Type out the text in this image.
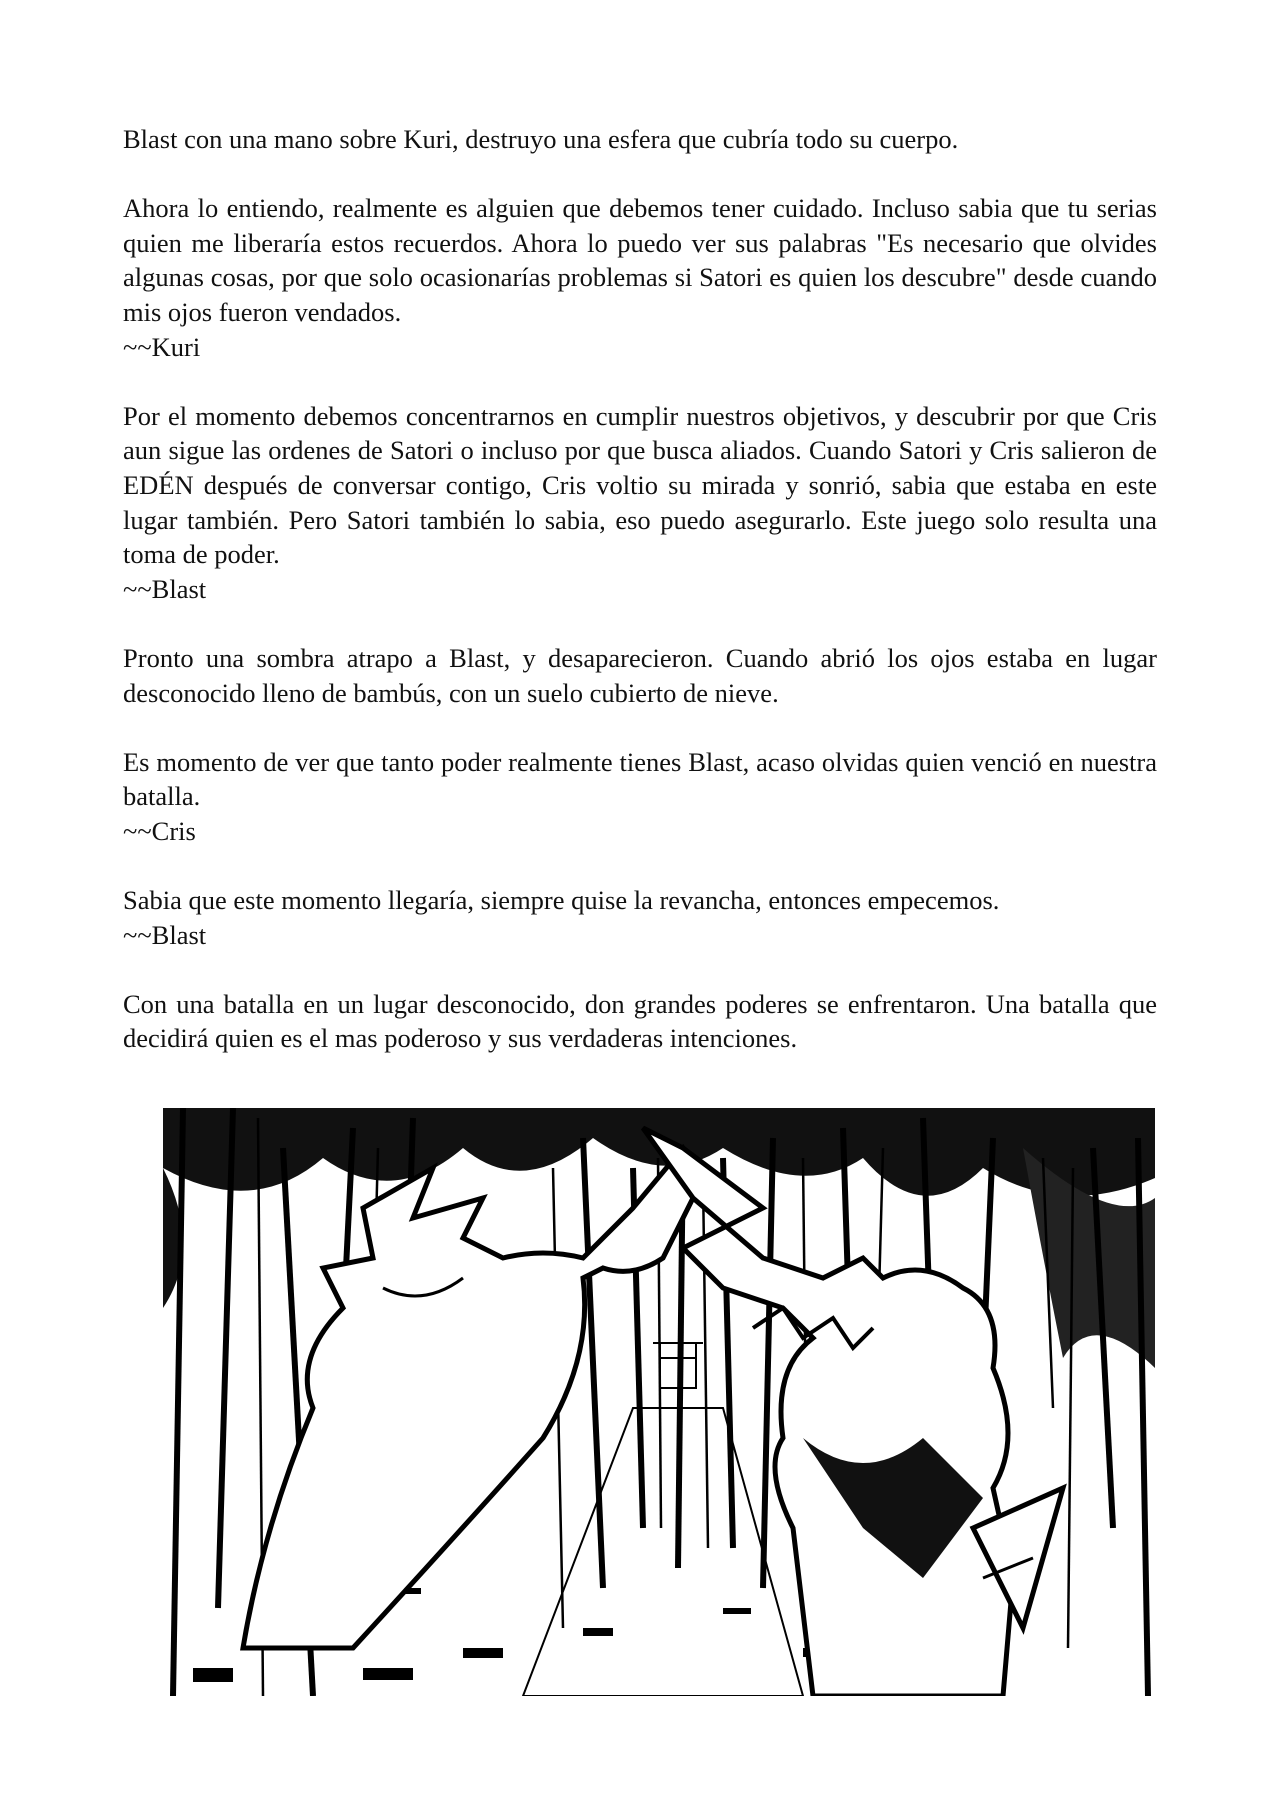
Blast con una mano sobre Kuri, destruyo una esfera que cubría todo su cuerpo.

Ahora lo entiendo, realmente es alguien que debemos tener cuidado. Incluso sabia que tu serias quien me liberaría estos recuerdos. Ahora lo puedo ver sus palabras "Es necesario que olvides algunas cosas, por que solo ocasionarías problemas si Satori es quien los descubre" desde cuando mis ojos fueron vendados.
~~Kuri

Por el momento debemos concentrarnos en cumplir nuestros objetivos, y descubrir por que Cris aun sigue las ordenes de Satori o incluso por que busca aliados. Cuando Satori y Cris salieron de EDÉN después de conversar contigo, Cris voltio su mirada y sonrió, sabia que estaba en este lugar también. Pero Satori también lo sabia, eso puedo asegurarlo. Este juego solo resulta una toma de poder.
~~Blast

Pronto una sombra atrapo a Blast, y desaparecieron. Cuando abrió los ojos estaba en lugar desconocido lleno de bambús, con un suelo cubierto de nieve.

Es momento de ver que tanto poder realmente tienes Blast, acaso olvidas quien venció en nuestra batalla.
~~Cris

Sabia que este momento llegaría, siempre quise la revancha, entonces empecemos.
~~Blast

Con una batalla en un lugar desconocido, don grandes poderes se enfrentaron. Una batalla que decidirá quien es el mas poderoso y sus verdaderas intenciones.
